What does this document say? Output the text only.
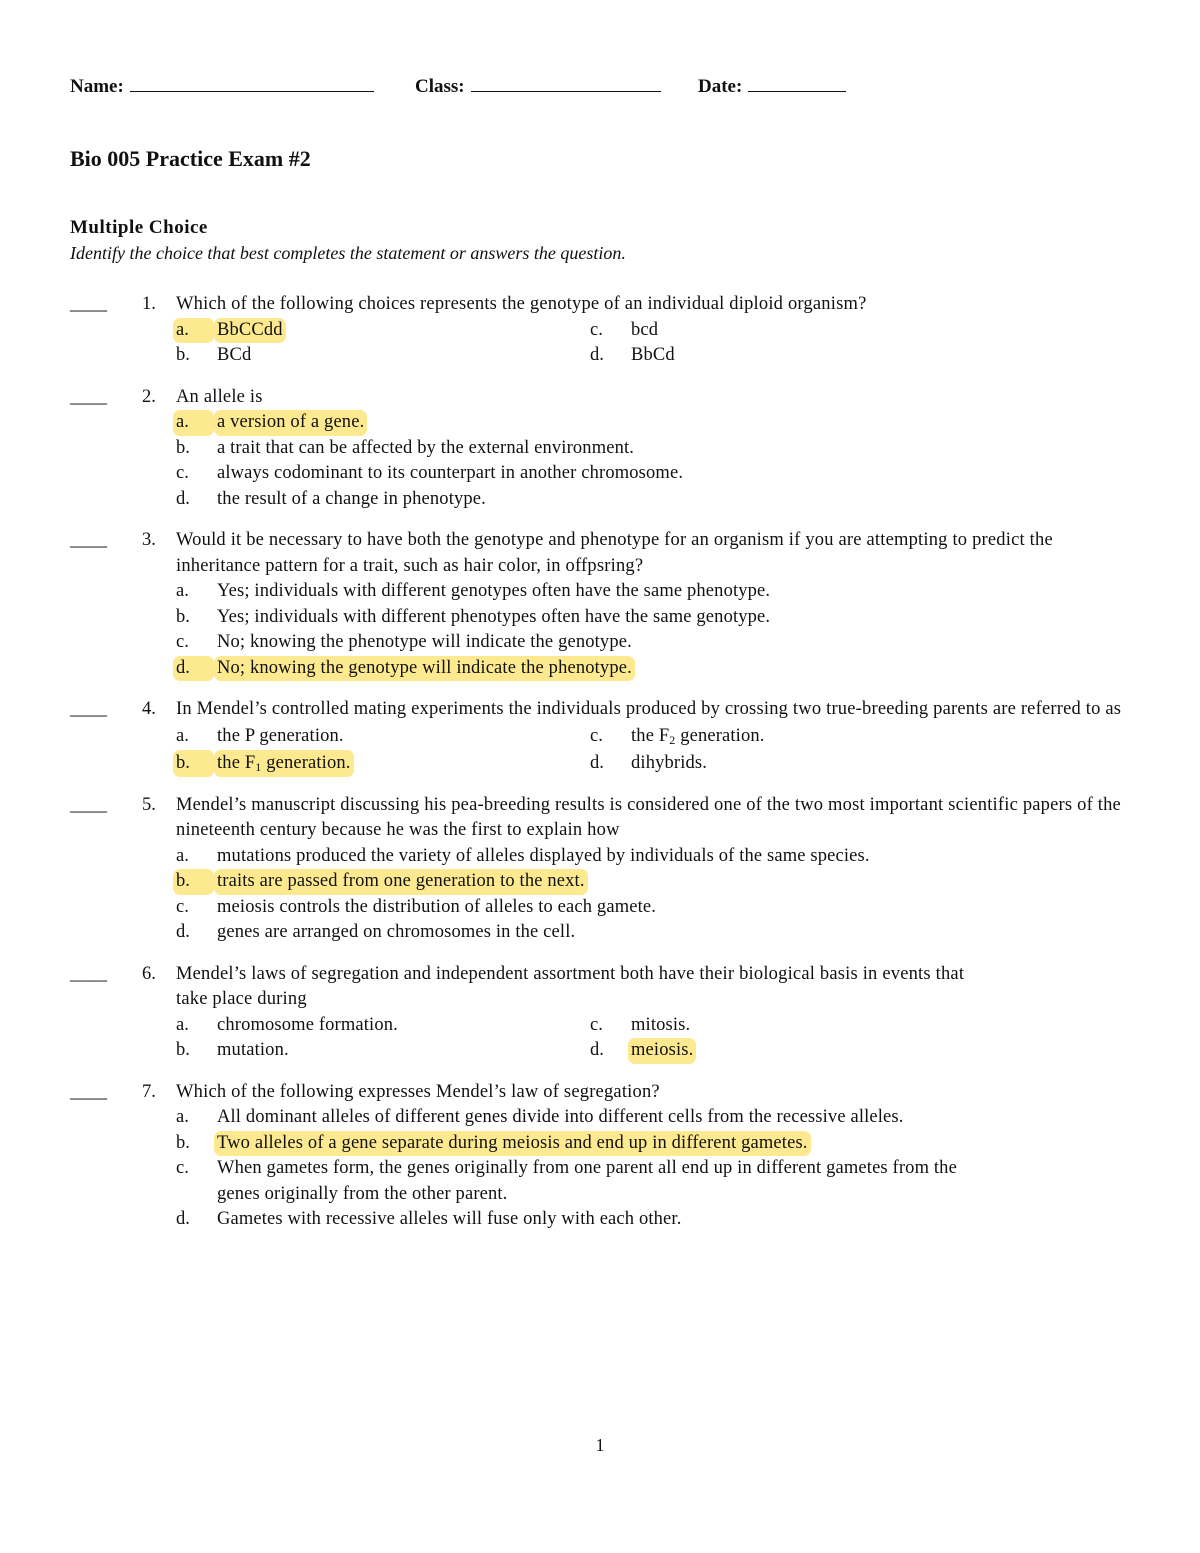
Name:	Class:	Date:
Bio 005 Practice Exam #2
Multiple Choice
Identify the choice that best completes the statement or answers the question.
____ 1.	Which of the following choices represents the genotype of an individual diploid organism?
a.	BbCCdd	c.	bcd
b.	BCd	d.	BbCd
____ 2.	An allele is
a.	a version of a gene.
b.	a trait that can be affected by the external environment.
c.	always codominant to its counterpart in another chromosome.
d.	the result of a change in phenotype.
____ 3.	Would it be necessary to have both the genotype and phenotype for an organism if you are attempting to predict the inheritance pattern for a trait, such as hair color, in offpsring?
a.	Yes; individuals with different genotypes often have the same phenotype.
b.	Yes; individuals with different phenotypes often have the same genotype.
c.	No; knowing the phenotype will indicate the genotype.
d.	No; knowing the genotype will indicate the phenotype.
____ 4.	In Mendel’s controlled mating experiments the individuals produced by crossing two true-breeding parents are referred to as
a.	the P generation.	c.	the $F_2$ generation.
b.	the $F_1$ generation.	d.	dihybrids.
____ 5.	Mendel’s manuscript discussing his pea-breeding results is considered one of the two most important scientific papers of the nineteenth century because he was the first to explain how
a.	mutations produced the variety of alleles displayed by individuals of the same species.
b.	traits are passed from one generation to the next.
c.	meiosis controls the distribution of alleles to each gamete.
d.	genes are arranged on chromosomes in the cell.
____ 6.	Mendel’s laws of segregation and independent assortment both have their biological basis in events that take place during
a.	chromosome formation.	c.	mitosis.
b.	mutation.	d.	meiosis.
____ 7.	Which of the following expresses Mendel’s law of segregation?
a.	All dominant alleles of different genes divide into different cells from the recessive alleles.
b.	Two alleles of a gene separate during meiosis and end up in different gametes.
c.	When gametes form, the genes originally from one parent all end up in different gametes from the genes originally from the other parent.
d.	Gametes with recessive alleles will fuse only with each other.
1
